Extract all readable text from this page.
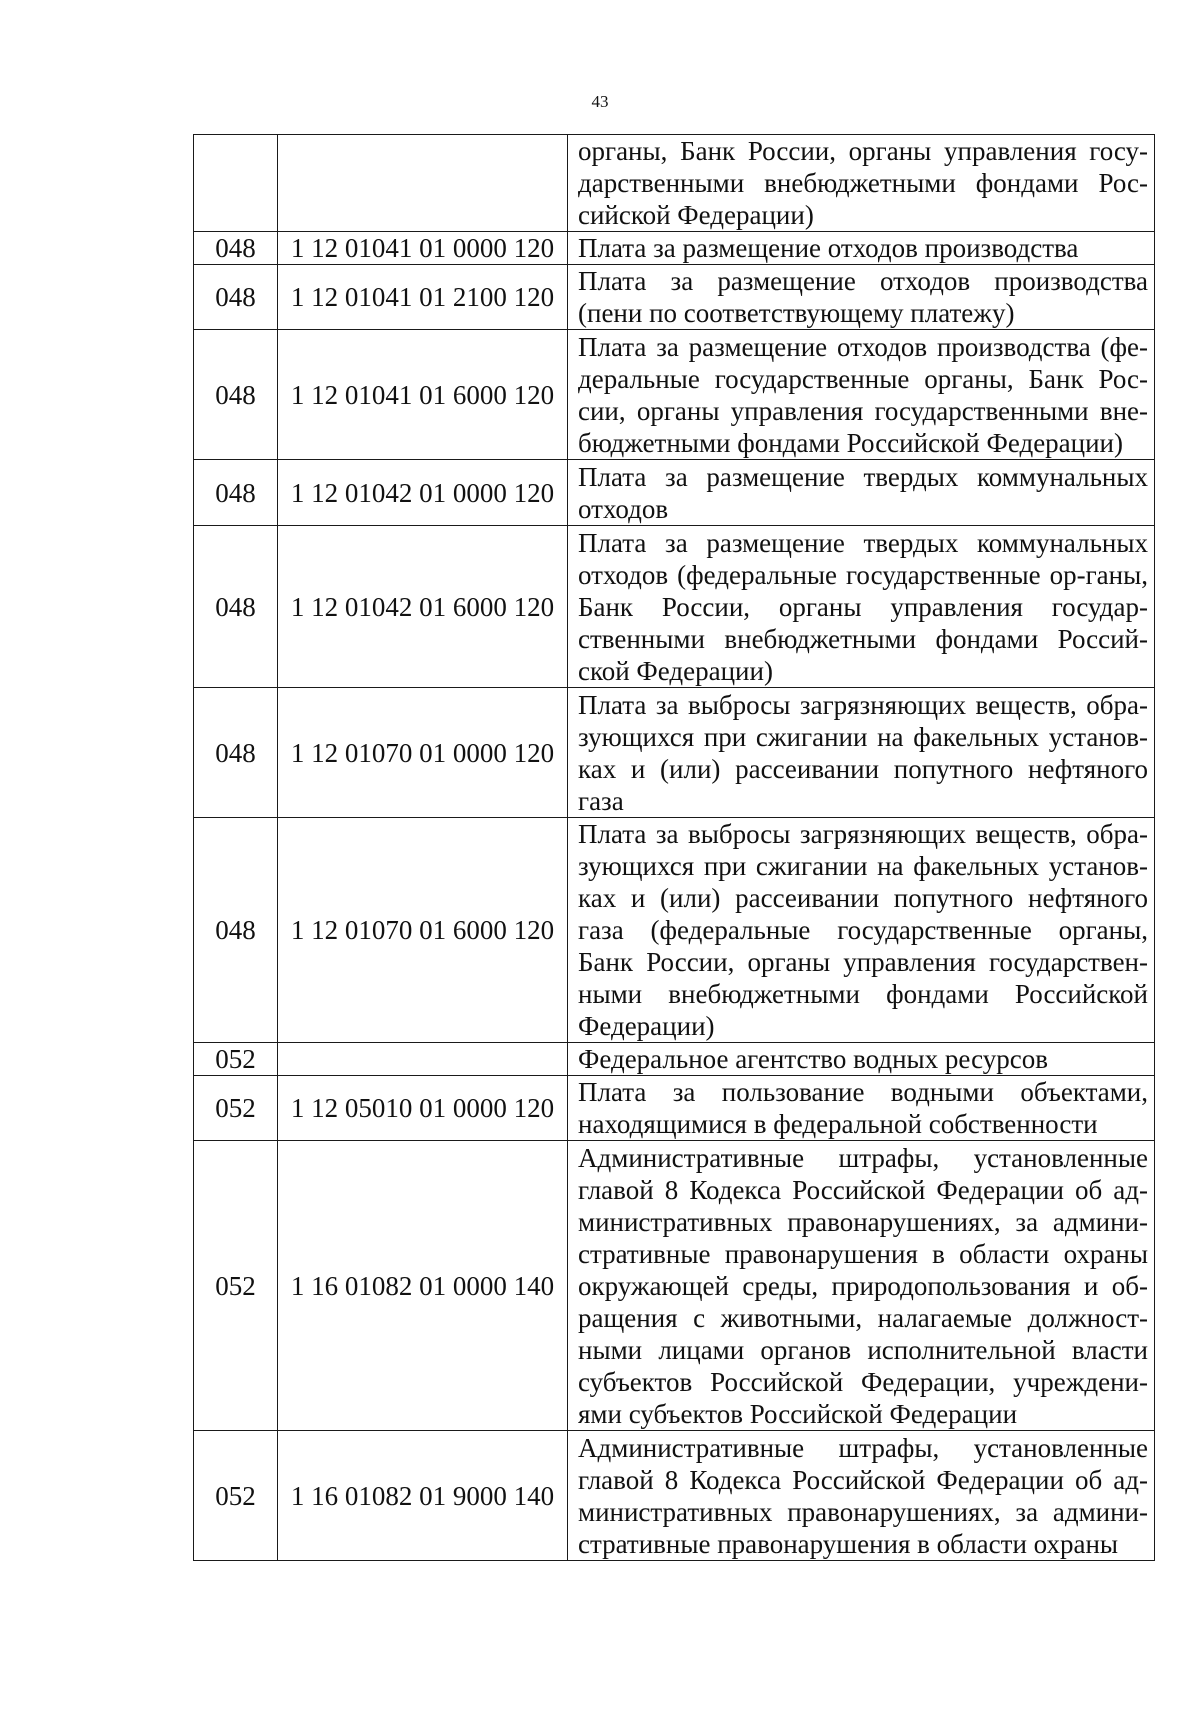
43
		органы, Банк России, органы управления госу-дарственными внебюджетными фондами Рос-сийской Федерации)
048	1 12 01041 01 0000 120	Плата за размещение отходов производства
048	1 12 01041 01 2100 120	Плата за размещение отходов производства (пени по соответствующему платежу)
048	1 12 01041 01 6000 120	Плата за размещение отходов производства (фе-деральные государственные органы, Банк Рос-сии, органы управления государственными вне-бюджетными фондами Российской Федерации)
048	1 12 01042 01 0000 120	Плата за размещение твердых коммунальных отходов
048	1 12 01042 01 6000 120	Плата за размещение твердых коммунальных отходов (федеральные государственные ор-ганы, Банк России, органы управления государ-ственными внебюджетными фондами Россий-ской Федерации)
048	1 12 01070 01 0000 120	Плата за выбросы загрязняющих веществ, обра-зующихся при сжигании на факельных установ-ках и (или) рассеивании попутного нефтяного газа
048	1 12 01070 01 6000 120	Плата за выбросы загрязняющих веществ, обра-зующихся при сжигании на факельных установ-ках и (или) рассеивании попутного нефтяного газа (федеральные государственные органы, Банк России, органы управления государствен-ными внебюджетными фондами Российской Федерации)
052		Федеральное агентство водных ресурсов
052	1 12 05010 01 0000 120	Плата за пользование водными объектами, находящимися в федеральной собственности
052	1 16 01082 01 0000 140	Административные штрафы, установленные главой 8 Кодекса Российской Федерации об ад-министративных правонарушениях, за админи-стративные правонарушения в области охраны окружающей среды, природопользования и об-ращения с животными, налагаемые должност-ными лицами органов исполнительной власти субъектов Российской Федерации, учреждени-ями субъектов Российской Федерации
052	1 16 01082 01 9000 140	Административные штрафы, установленные главой 8 Кодекса Российской Федерации об ад-министративных правонарушениях, за админи-стративные правонарушения в области охраны
